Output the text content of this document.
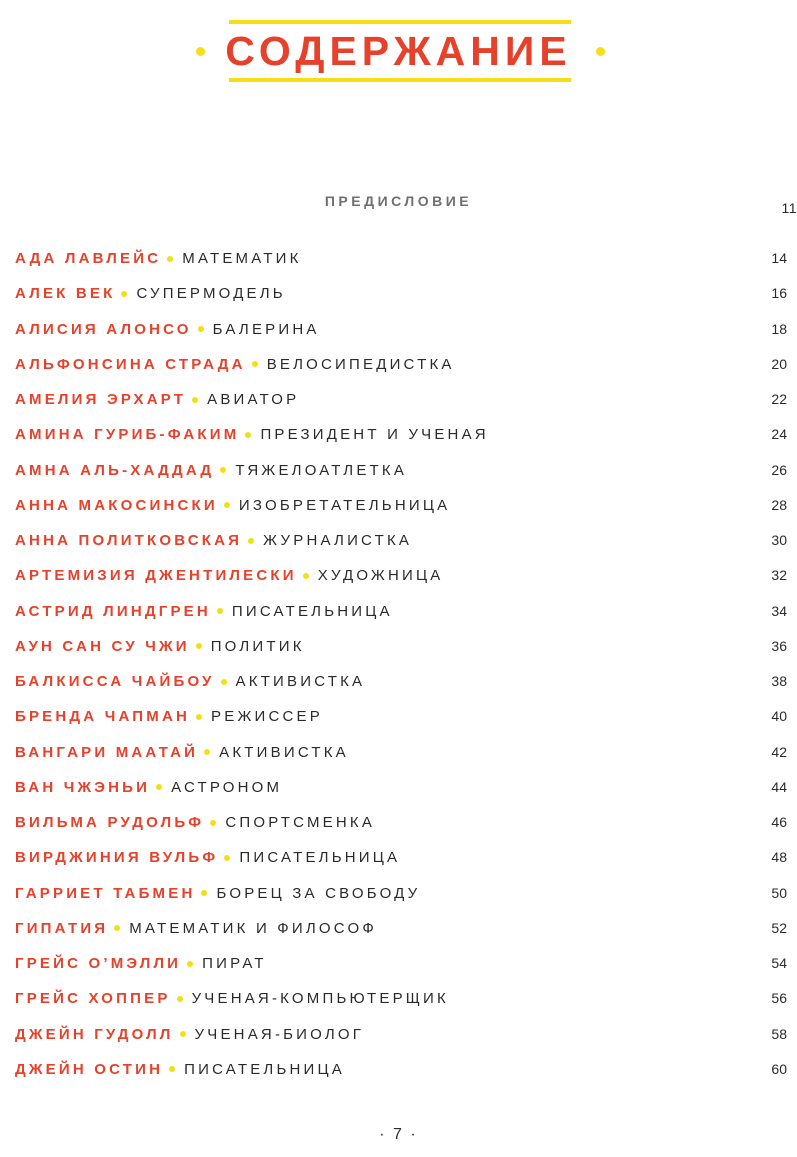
СОДЕРЖАНИЕ
ПРЕДИСЛОВИЕ	11
АДА ЛАВЛЕЙС МАТЕМАТИК	14
АЛЕК ВЕК СУПЕРМОДЕЛЬ	16
АЛИСИЯ АЛОНСО БАЛЕРИНА	18
АЛЬФОНСИНА СТРАДА ВЕЛОСИПЕДИСТКА	20
АМЕЛИЯ ЭРХАРТ АВИАТОР	22
АМИНА ГУРИБ-ФАКИМ ПРЕЗИДЕНТ И УЧЕНАЯ	24
АМНА АЛЬ-ХАДДАД ТЯЖЕЛОАТЛЕТКА	26
АННА МАКОСИНСКИ ИЗОБРЕТАТЕЛЬНИЦА	28
АННА ПОЛИТКОВСКАЯ ЖУРНАЛИСТКА	30
АРТЕМИЗИЯ ДЖЕНТИЛЕСКИ ХУДОЖНИЦА	32
АСТРИД ЛИНДГРЕН ПИСАТЕЛЬНИЦА	34
АУН САН СУ ЧЖИ ПОЛИТИК	36
БАЛКИССА ЧАЙБОУ АКТИВИСТКА	38
БРЕНДА ЧАПМАН РЕЖИССЕР	40
ВАНГАРИ МААТАЙ АКТИВИСТКА	42
ВАН ЧЖЭНЬИ АСТРОНОМ	44
ВИЛЬМА РУДОЛЬФ СПОРТСМЕНКА	46
ВИРДЖИНИЯ ВУЛЬФ ПИСАТЕЛЬНИЦА	48
ГАРРИЕТ ТАБМЕН БОРЕЦ ЗА СВОБОДУ	50
ГИПАТИЯ МАТЕМАТИК И ФИЛОСОФ	52
ГРЕЙС О’МЭЛЛИ ПИРАТ	54
ГРЕЙС ХОППЕР УЧЕНАЯ-КОМПЬЮТЕРЩИК	56
ДЖЕЙН ГУДОЛЛ УЧЕНАЯ-БИОЛОГ	58
ДЖЕЙН ОСТИН ПИСАТЕЛЬНИЦА	60
· 7 ·
